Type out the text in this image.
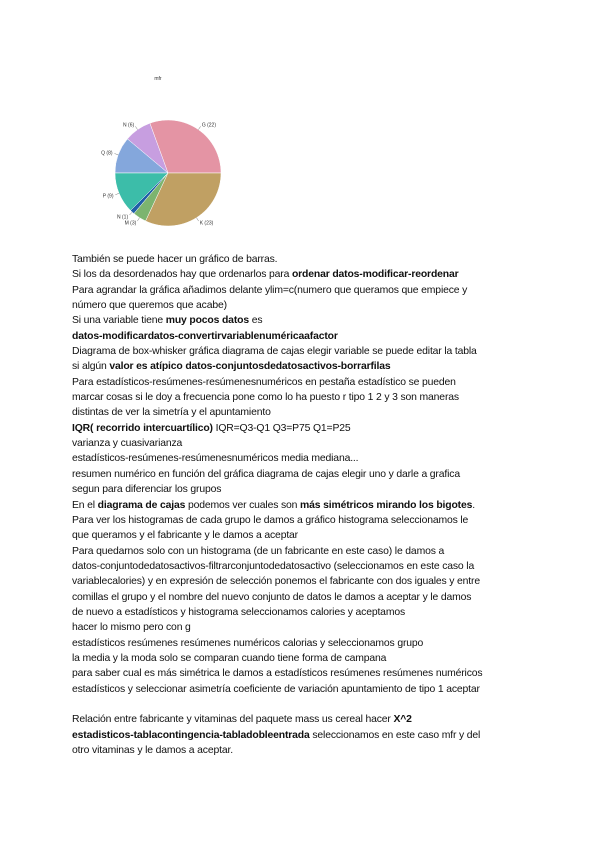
mfr
G (22)
N (6)
Q (8)
P (9)
N (1)
M (3)	K (23)
También se puede hacer un gráfico de barras.
Si los da desordenados hay que ordenarlos para ordenar datos-modificar-reordenar
Para agrandar la gráfica añadimos delante ylim=c(numero que queramos que empiece y
número que queremos que acabe)
Si una variable tiene muy pocos datos es
datos-modificardatos-convertirvariablenuméricaafactor
Diagrama de box-whisker gráfica diagrama de cajas elegir variable se puede editar la tabla
si algún valor es atípico datos-conjuntosdedatosactivos-borrarfilas
Para estadísticos-resúmenes-resúmenesnuméricos en pestaña estadístico se pueden
marcar cosas si le doy a frecuencia pone como lo ha puesto r tipo 1 2 y 3 son maneras
distintas de ver la simetría y el apuntamiento
IQR( recorrido intercuartílico) IQR=Q3-Q1 Q3=P75 Q1=P25
varianza y cuasivarianza
estadísticos-resúmenes-resúmenesnuméricos media mediana...
resumen numérico en función del gráfica diagrama de cajas elegir uno y darle a grafica
segun para diferenciar los grupos
En el diagrama de cajas podemos ver cuales son más simétricos mirando los bigotes.
Para ver los histogramas de cada grupo le damos a gráfico histograma seleccionamos le
que queramos y el fabricante y le damos a aceptar
Para quedarnos solo con un histograma (de un fabricante en este caso) le damos a
datos-conjuntodedatosactivos-filtrarconjuntodedatosactivo (seleccionamos en este caso la
variablecalories) y en expresión de selección ponemos el fabricante con dos iguales y entre
comillas el grupo y el nombre del nuevo conjunto de datos le damos a aceptar y le damos
de nuevo a estadísticos y histograma seleccionamos calories y aceptamos
hacer lo mismo pero con g
estadísticos resúmenes resúmenes numéricos calorias y seleccionamos grupo
la media y la moda solo se comparan cuando tiene forma de campana
para saber cual es más simétrica le damos a estadísticos resúmenes resúmenes numéricos
estadísticos y seleccionar asimetría coeficiente de variación apuntamiento de tipo 1 aceptar
Relación entre fabricante y vitaminas del paquete mass us cereal hacer X^2
estadisticos-tablacontingencia-tabladobleentrada seleccionamos en este caso mfr y del
otro vitaminas y le damos a aceptar.
